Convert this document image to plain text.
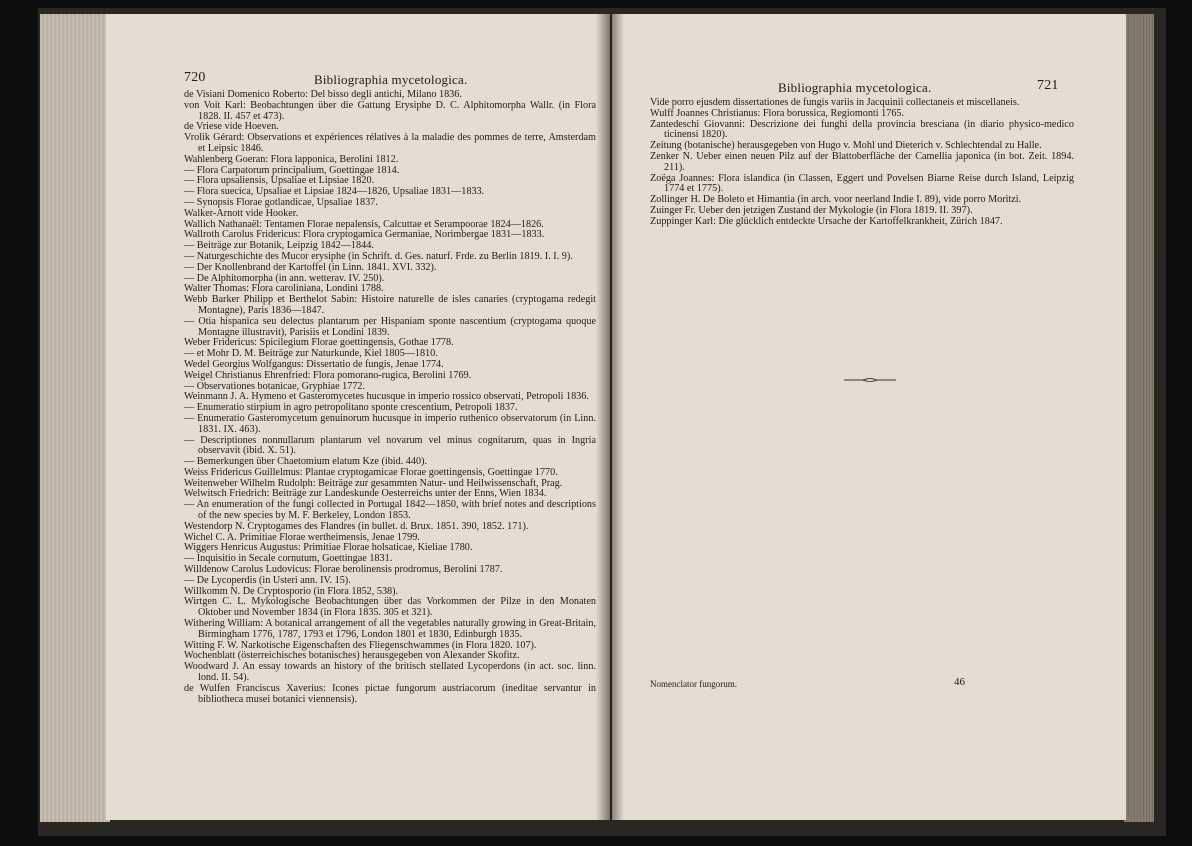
720	Bibliographia mycetologica.

de Visiani Domenico Roberto: Del bisso degli antichi, Milano 1836.

von Voit Karl: Beobachtungen über die Gattung Erysiphe D. C. Alphitomorpha Wallr. (in Flora 1828. II. 457 et 473).

de Vriese vide Hoeven.

Vrolik Gérard: Observations et expériences rélatives à la maladie des pommes de terre, Amsterdam et Leipsic 1846.

Wahlenberg Goeran: Flora lapponica, Berolini 1812.

— Flora Carpatorum principalium, Goettingae 1814.

— Flora upsaliensis, Upsaliae et Lipsiae 1820.

— Flora suecica, Upsaliae et Lipsiae 1824—1826, Upsaliae 1831—1833.

— Synopsis Florae gotlandicae, Upsaliae 1837.

Walker-Arnott vide Hooker.

Wallich Nathanaël: Tentamen Florae nepalensis, Calcuttae et Serampoorae 1824—1826.

Wallroth Carolus Fridericus: Flora cryptogamica Germaniae, Norimbergae 1831—1833.

— Beiträge zur Botanik, Leipzig 1842—1844.

— Naturgeschichte des Mucor erysiphe (in Schrift. d. Ges. naturf. Frde. zu Berlin 1819. I. I. 9).

— Der Knollenbrand der Kartoffel (in Linn. 1841. XVI. 332).

— De Alphitomorpha (in ann. wetterav. IV. 250).

Walter Thomas: Flora caroliniana, Londini 1788.

Webb Barker Philipp et Berthelot Sabin: Histoire naturelle de isles canaries (cryptogama redegit Montagne), Paris 1836—1847.

— Otia hispanica seu delectus plantarum per Hispaniam sponte nascentium (cryptogama quoque Montagne illustravit), Parisiis et Londini 1839.

Weber Fridericus: Spicilegium Florae goettingensis, Gothae 1778.

— et Mohr D. M. Beiträge zur Naturkunde, Kiel 1805—1810.

Wedel Georgius Wolfgangus: Dissertatio de fungis, Jenae 1774.

Weigel Christianus Ehrenfried: Flora pomorano-rugica, Berolini 1769.

— Observationes botanicae, Gryphiae 1772.

Weinmann J. A. Hymeno et Gasteromycetes hucusque in imperio rossico observati, Petropoli 1836.

— Enumeratio stirpium in agro petropolitano sponte crescentium, Petropoli 1837.

— Enumeratio Gasteromycetum genuinorum hucusque in imperio ruthenico observatorum (in Linn. 1831. IX. 463).

— Descriptiones nonnullarum plantarum vel novarum vel minus cognitarum, quas in Ingria observavit (ibid. X. 51).

— Bemerkungen über Chaetomium elatum Kze (ibid. 440).

Weiss Fridericus Guillelmus: Plantae cryptogamicae Florae goettingensis, Goettingae 1770.

Weitenweber Wilhelm Rudolph: Beiträge zur gesammten Natur- und Heilwissenschaft, Prag.

Welwitsch Friedrich: Beiträge zur Landeskunde Oesterreichs unter der Enns, Wien 1834.

— An enumeration of the fungi collected in Portugal 1842—1850, with brief notes and descriptions of the new species by M. F. Berkeley, London 1853.

Westendorp N. Cryptogames des Flandres (in bullet. d. Brux. 1851. 390, 1852. 171).

Wichel C. A. Primitiae Florae wertheimensis, Jenae 1799.

Wiggers Henricus Augustus: Primitiae Florae holsaticae, Kieliae 1780.

— Inquisitio in Secale cornutum, Goettingae 1831.

Willdenow Carolus Ludovicus: Florae berolinensis prodromus, Berolini 1787.

— De Lycoperdis (in Usteri ann. IV. 15).

Willkomm N. De Cryptosporio (in Flora 1852, 538).

Wirtgen C. L. Mykologische Beobachtungen über das Vorkommen der Pilze in den Monaten Oktober und November 1834 (in Flora 1835. 305 et 321).

Withering William: A botanical arrangement of all the vegetables naturally growing in Great-Britain, Birmingham 1776, 1787, 1793 et 1796, London 1801 et 1830, Edinburgh 1835.

Witting F. W. Narkotische Eigenschaften des Fliegenschwammes (in Flora 1820. 107).

Wochenblatt (österreichisches botanisches) herausgegeben von Alexander Skofitz.

Woodward J. An essay towards an history of the britisch stellated Lycoperdons (in act. soc. linn. lond. II. 54).

de Wulfen Franciscus Xaverius: Icones pictae fungorum austriacorum (ineditae servantur in bibliotheca musei botanici viennensis).

Bibliographia mycetologica.	721

Vide porro ejusdem dissertationes de fungis variis in Jacquinii collectaneis et miscellaneis.

Wulff Joannes Christianus: Flora borussica, Regiomonti 1765.

Zantedeschi Giovanni: Descrizione dei funghi della provincia bresciana (in diario physico-medico ticinensi 1820).

Zeitung (botanische) herausgegeben von Hugo v. Mohl und Dieterich v. Schlechtendal zu Halle.

Zenker N. Ueber einen neuen Pilz auf der Blattoberfläche der Camellia japonica (in bot. Zeit. 1894. 211).

Zoëga Joannes: Flora islandica (in Classen, Eggert und Povelsen Biarne Reise durch Island, Leipzig 1774 et 1775).

Zollinger H. De Boleto et Himantia (in arch. voor neerland Indie I. 89), vide porro Moritzi.

Zuinger Fr. Ueber den jetzigen Zustand der Mykologie (in Flora 1819. II. 397).

Zuppinger Karl: Die glücklich entdeckte Ursache der Kartoffelkrankheit, Zürich 1847.

Nomenclator fungorum.	46
